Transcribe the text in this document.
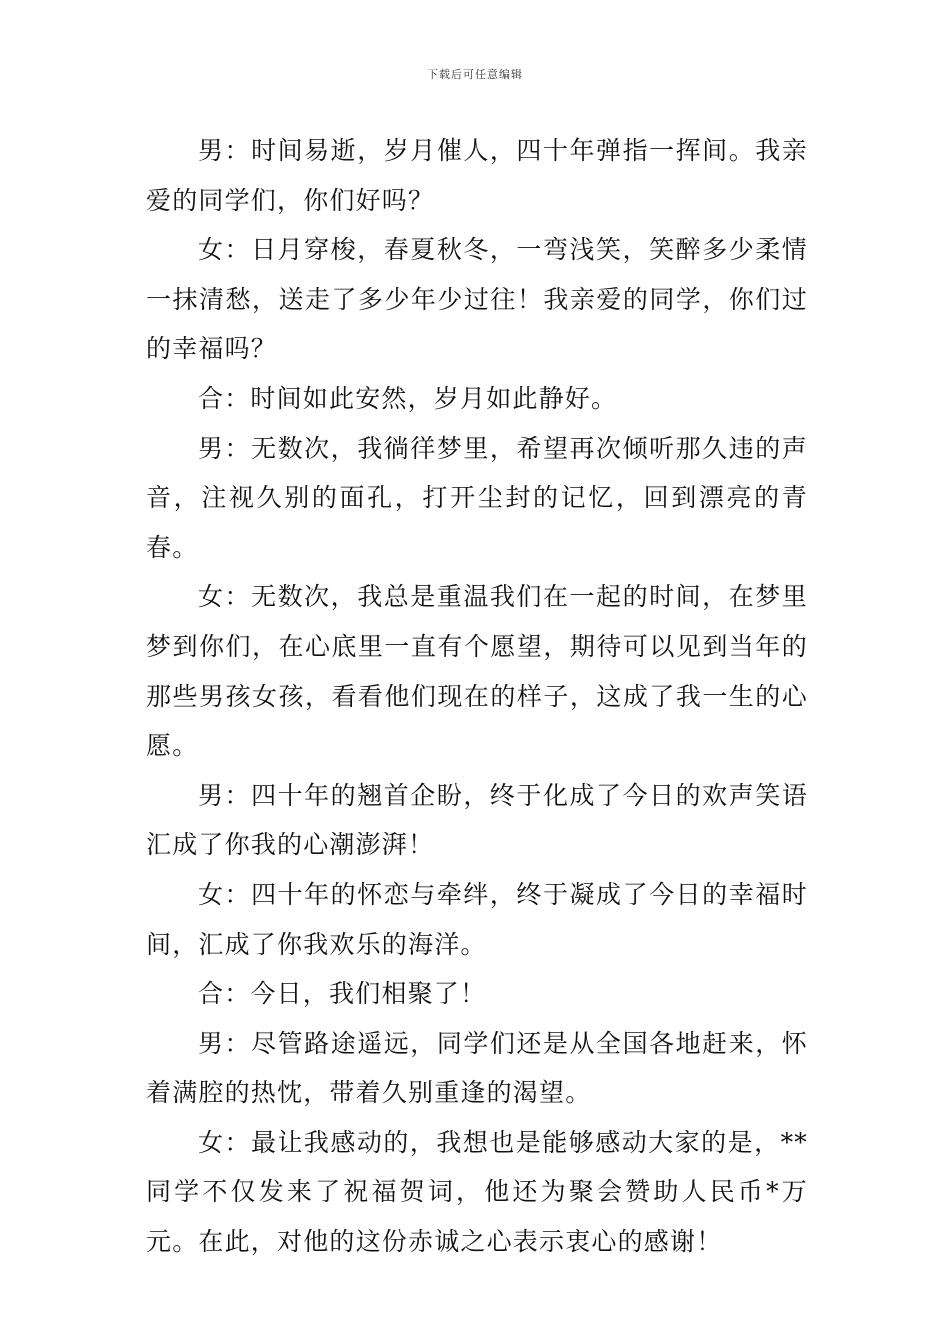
下载后可任意编辑

男：时间易逝，岁月催人，四十年弹指一挥间。我亲爱的同学们，你们好吗？

女：日月穿梭，春夏秋冬，一弯浅笑，笑醉多少柔情一抹清愁，送走了多少年少过往！我亲爱的同学，你们过的幸福吗？

合：时间如此安然，岁月如此静好。

男：无数次，我徜徉梦里，希望再次倾听那久违的声音，注视久别的面孔，打开尘封的记忆，回到漂亮的青春。

女：无数次，我总是重温我们在一起的时间，在梦里梦到你们，在心底里一直有个愿望，期待可以见到当年的那些男孩女孩，看看他们现在的样子，这成了我一生的心愿。

男：四十年的翘首企盼，终于化成了今日的欢声笑语汇成了你我的心潮澎湃！

女：四十年的怀恋与牵绊，终于凝成了今日的幸福时间，汇成了你我欢乐的海洋。

合：今日，我们相聚了！

男：尽管路途遥远，同学们还是从全国各地赶来，怀着满腔的热忱，带着久别重逢的渴望。

女：最让我感动的，我想也是能够感动大家的是，**同学不仅发来了祝福贺词，他还为聚会赞助人民币*万元。在此，对他的这份赤诚之心表示衷心的感谢！
